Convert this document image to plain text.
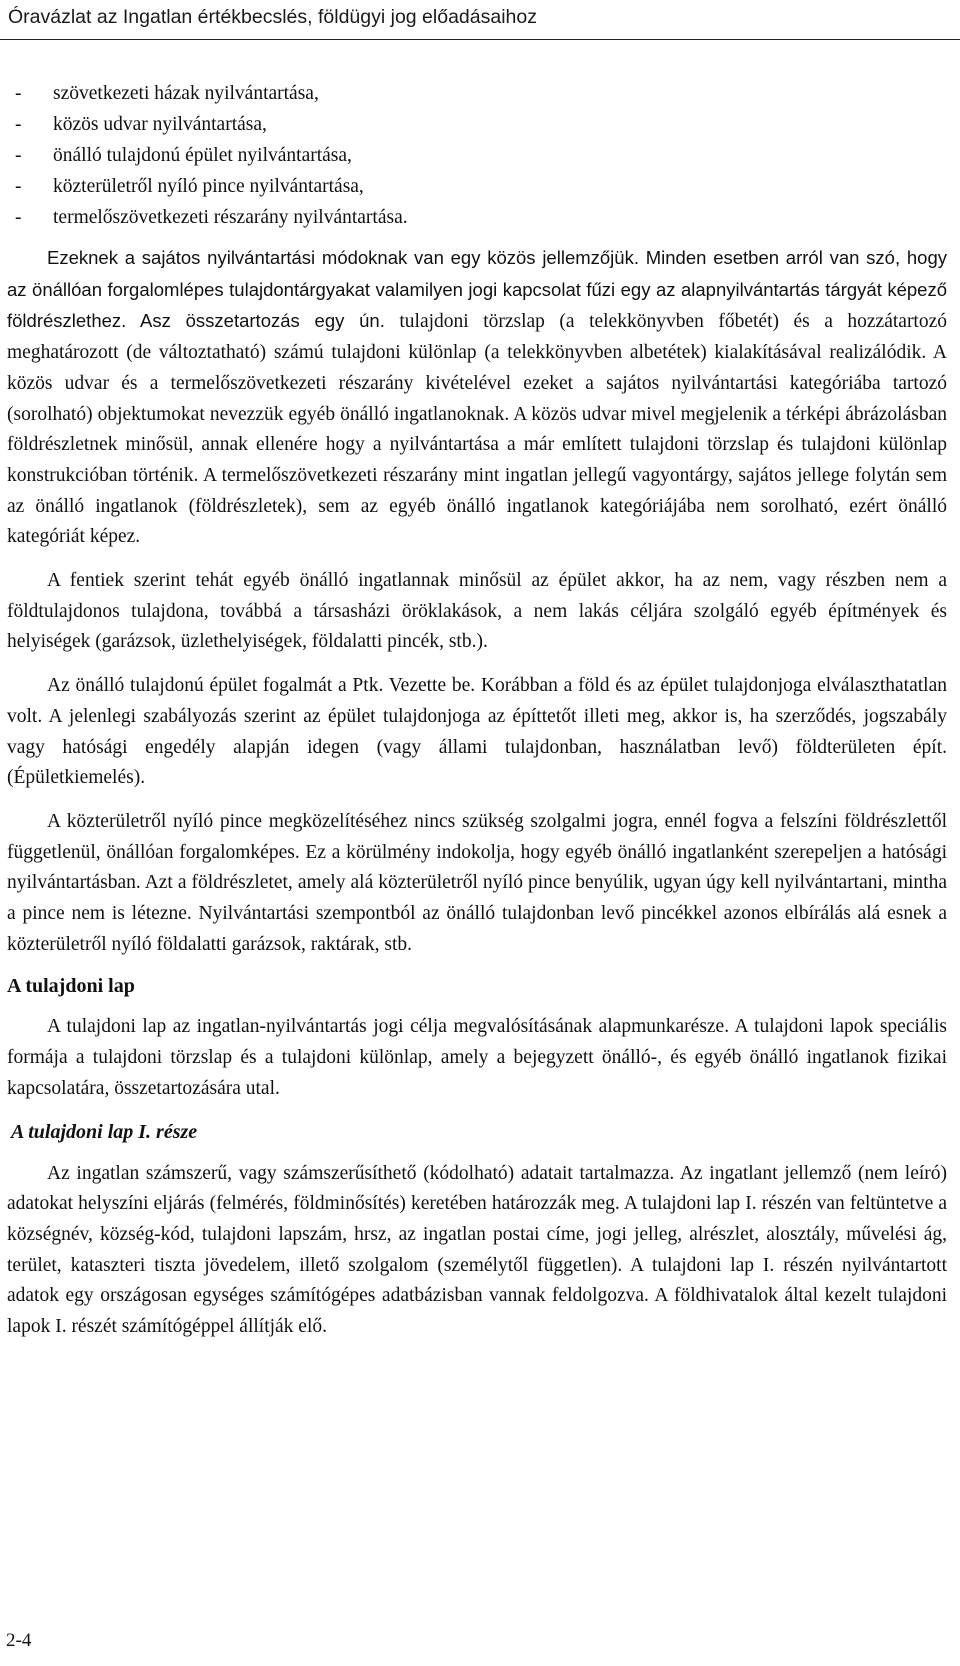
Óravázlat az Ingatlan értékbecslés, földügyi jog előadásaihoz
- szövetkezeti házak nyilvántartása,
- közös udvar nyilvántartása,
- önálló tulajdonú épület nyilvántartása,
- közterületről nyíló pince nyilvántartása,
- termelőszövetkezeti részarány nyilvántartása.

Ezeknek a sajátos nyilvántartási módoknak van egy közös jellemzőjük. Minden esetben arról van szó, hogy az önállóan forgalomlépes tulajdontárgyakat valamilyen jogi kapcsolat fűzi egy az alapnyilvántartás tárgyát képező földrészlethez. Asz összetartozás egy ún. tulajdoni törzslap (a telekkönyvben főbetét) és a hozzátartozó meghatározott (de változtatható) számú tulajdoni különlap (a telekkönyvben albetétek) kialakításával realizálódik. A közös udvar és a termelőszövetkezeti részarány kivételével ezeket a sajátos nyilvántartási kategóriába tartozó (sorolható) objektumokat nevezzük egyéb önálló ingatlanoknak. A közös udvar mivel megjelenik a térképi ábrázolásban földrészletnek minősül, annak ellenére hogy a nyilvántartása a már említett tulajdoni törzslap és tulajdoni különlap konstrukcióban történik. A termelőszövetkezeti részarány mint ingatlan jellegű vagyontárgy, sajátos jellege folytán sem az önálló ingatlanok (földrészletek), sem az egyéb önálló ingatlanok kategóriájába nem sorolható, ezért önálló kategóriát képez.

A fentiek szerint tehát egyéb önálló ingatlannak minősül az épület akkor, ha az nem, vagy részben nem a földtulajdonos tulajdona, továbbá a társasházi öröklakások, a nem lakás céljára szolgáló egyéb építmények és helyiségek (garázsok, üzlethelyiségek, földalatti pincék, stb.).

Az önálló tulajdonú épület fogalmát a Ptk. Vezette be. Korábban a föld és az épület tulajdonjoga elválaszthatatlan volt. A jelenlegi szabályozás szerint az épület tulajdonjoga az építtetőt illeti meg, akkor is, ha szerződés, jogszabály vagy hatósági engedély alapján idegen (vagy állami tulajdonban, használatban levő) földterületen épít. (Épületkiemelés).

A közterületről nyíló pince megközelítéséhez nincs szükség szolgalmi jogra, ennél fogva a felszíni földrészlettől függetlenül, önállóan forgalomképes. Ez a körülmény indokolja, hogy egyéb önálló ingatlanként szerepeljen a hatósági nyilvántartásban. Azt a földrészletet, amely alá közterületről nyíló pince benyúlik, ugyan úgy kell nyilvántartani, mintha a pince nem is létezne. Nyilvántartási szempontból az önálló tulajdonban levő pincékkel azonos elbírálás alá esnek a közterületről nyíló földalatti garázsok, raktárak, stb.

A tulajdoni lap

A tulajdoni lap az ingatlan-nyilvántartás jogi célja megvalósításának alapmunkarésze. A tulajdoni lapok speciális formája a tulajdoni törzslap és a tulajdoni különlap, amely a bejegyzett önálló-, és egyéb önálló ingatlanok fizikai kapcsolatára, összetartozására utal.

A tulajdoni lap I. része

Az ingatlan számszerű, vagy számszerűsíthető (kódolható) adatait tartalmazza. Az ingatlant jellemző (nem leíró) adatokat helyszíni eljárás (felmérés, földminősítés) keretében határozzák meg. A tulajdoni lap I. részén van feltüntetve a községnév, község-kód, tulajdoni lapszám, hrsz, az ingatlan postai címe, jogi jelleg, alrészlet, alosztály, művelési ág, terület, kataszteri tiszta jövedelem, illető szolgalom (személytől független). A tulajdoni lap I. részén nyilvántartott adatok egy országosan egységes számítógépes adatbázisban vannak feldolgozva. A földhivatalok által kezelt tulajdoni lapok I. részét számítógéppel állítják elő.

2-4
